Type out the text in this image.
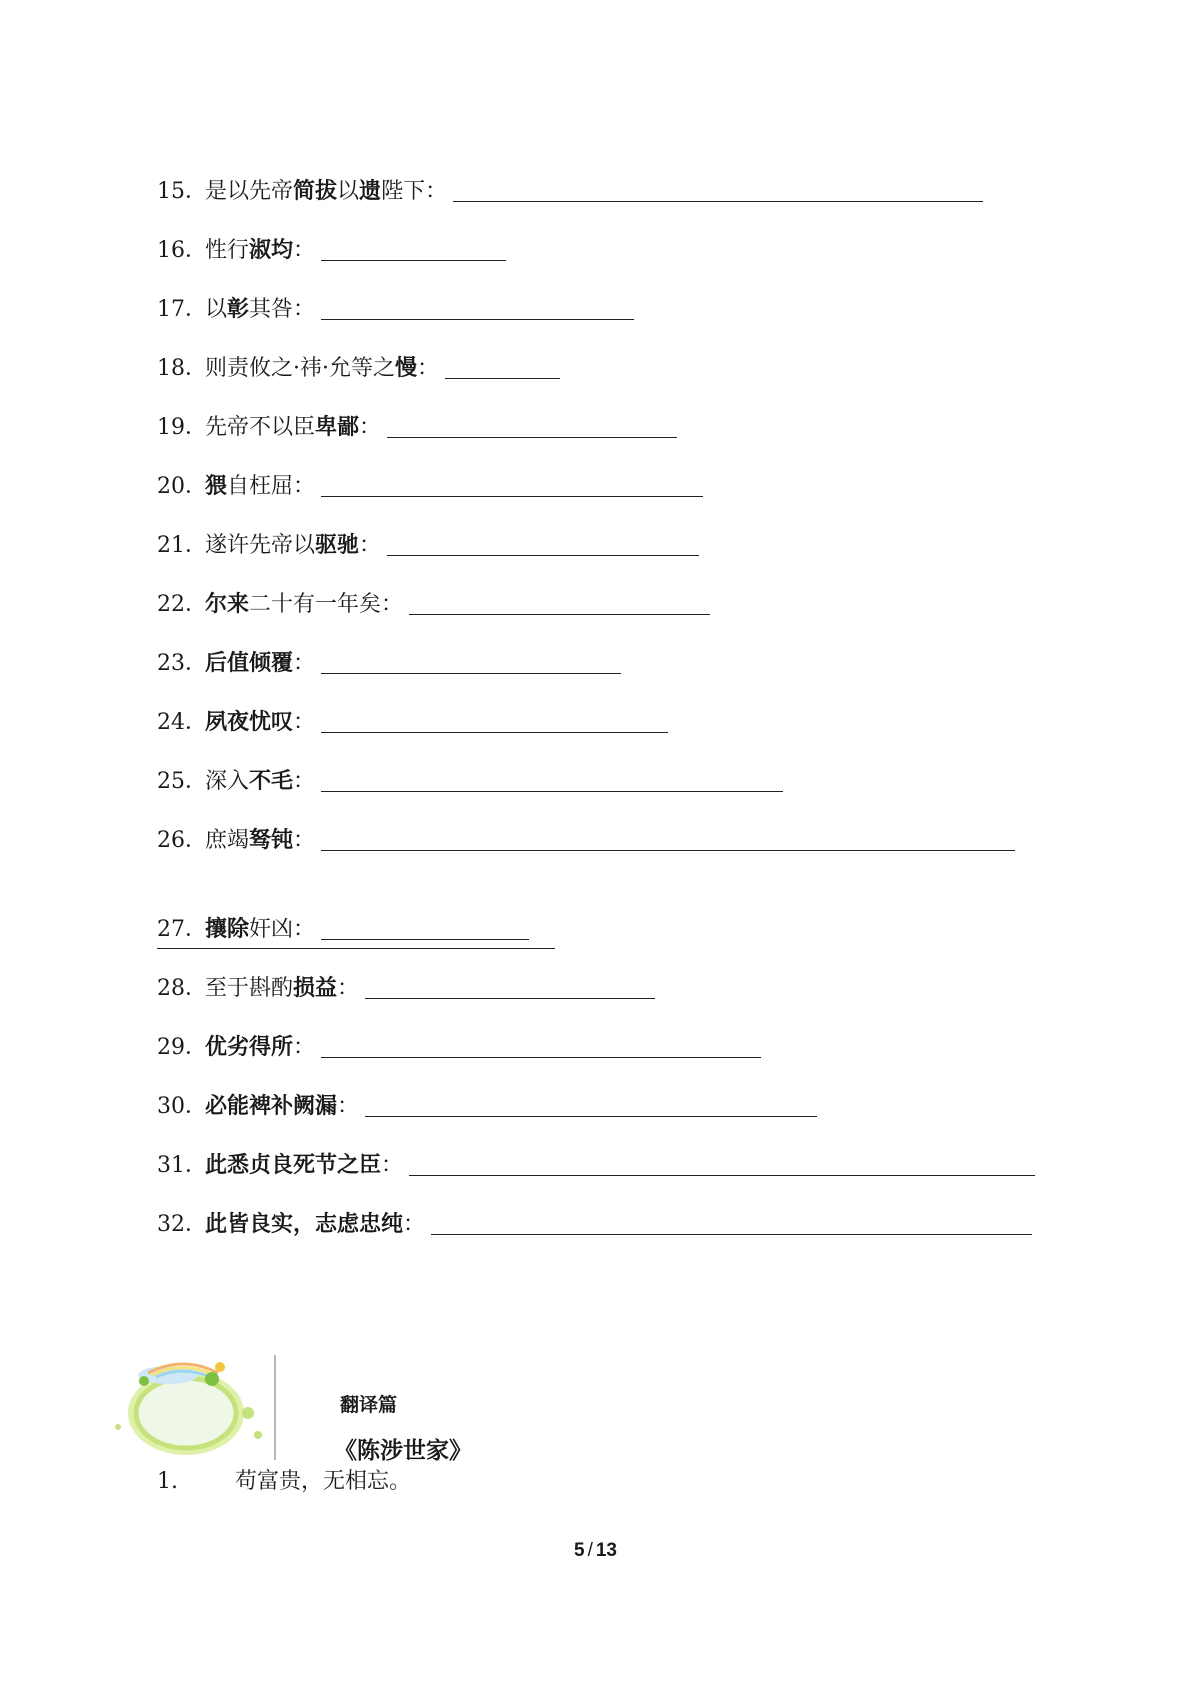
15．
是以先帝简拔以遗陛下：
16．
性行淑均：
17．
以彰其咎：
18．
则责攸之·祎·允等之慢：
19．
先帝不以臣卑鄙：
20．
猥自枉屈：
21．
遂许先帝以驱驰：
22．
尔来二十有一年矣：
23．
后值倾覆：
24．
夙夜忧叹：
25．
深入不毛：
26．
庶竭驽钝：
27．
攘除奸凶：
28．
至于斟酌损益：
29．
优劣得所：
30．
必能裨补阙漏：
31．
此悉贞良死节之臣：
32．
此皆良实，志虑忠纯：
翻译篇
《陈涉世家》
1.	苟富贵，无相忘。
5 / 13
